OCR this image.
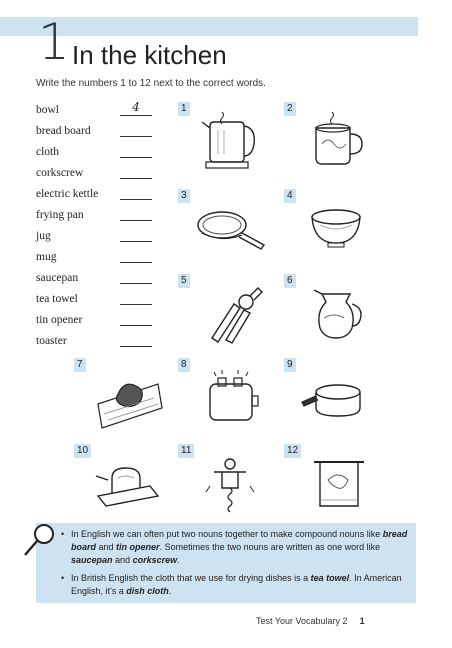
1 In the kitchen
Write the numbers 1 to 12 next to the correct words.
bowl	4
bread board
cloth
corkscrew
electric kettle
frying pan
jug
mug
saucepan
tea towel
tin opener
toaster
1	2
3	4
5	6
7	8	9
10	11	12
• In English we can often put two nouns together to make compound nouns like bread board and tin opener. Sometimes the two nouns are written as one word like saucepan and corkscrew.
• In British English the cloth that we use for drying dishes is a tea towel. In American English, it's a dish cloth.
Test Your Vocabulary 2 1
